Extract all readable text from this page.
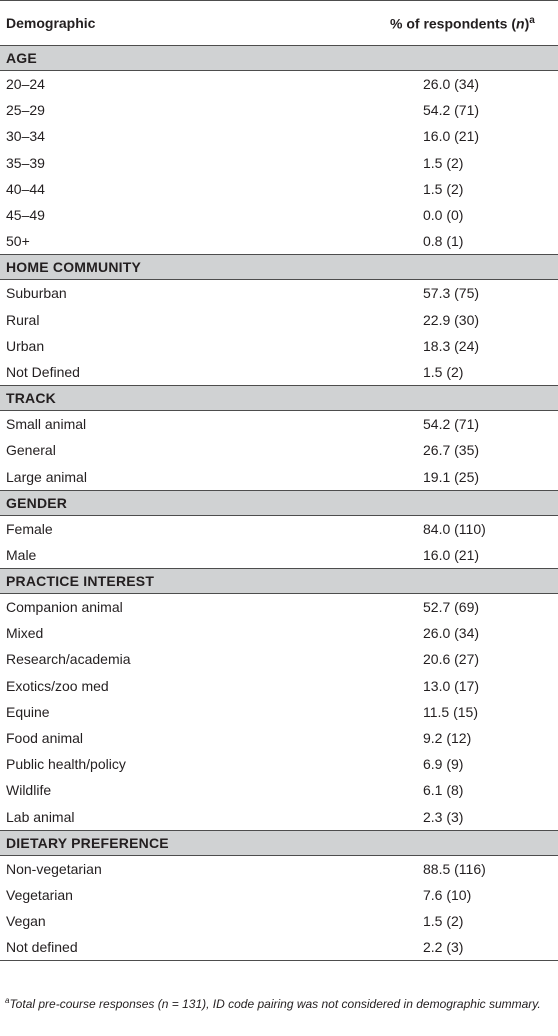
Demographic	% of respondents $(n)^a$
AGE	
20–24	26.0 (34)
25–29	54.2 (71)
30–34	16.0 (21)
35–39	1.5 (2)
40–44	1.5 (2)
45–49	0.0 (0)
50+	0.8 (1)
HOME COMMUNITY	
Suburban	57.3 (75)
Rural	22.9 (30)
Urban	18.3 (24)
Not Defined	1.5 (2)
TRACK	
Small animal	54.2 (71)
General	26.7 (35)
Large animal	19.1 (25)
GENDER	
Female	84.0 (110)
Male	16.0 (21)
PRACTICE INTEREST	
Companion animal	52.7 (69)
Mixed	26.0 (34)
Research/academia	20.6 (27)
Exotics/zoo med	13.0 (17)
Equine	11.5 (15)
Food animal	9.2 (12)
Public health/policy	6.9 (9)
Wildlife	6.1 (8)
Lab animal	2.3 (3)
DIETARY PREFERENCE	
Non-vegetarian	88.5 (116)
Vegetarian	7.6 (10)
Vegan	1.5 (2)
Not defined	2.2 (3)
$^a$Total pre-course responses (n = 131), ID code pairing was not considered in demographic summary.
